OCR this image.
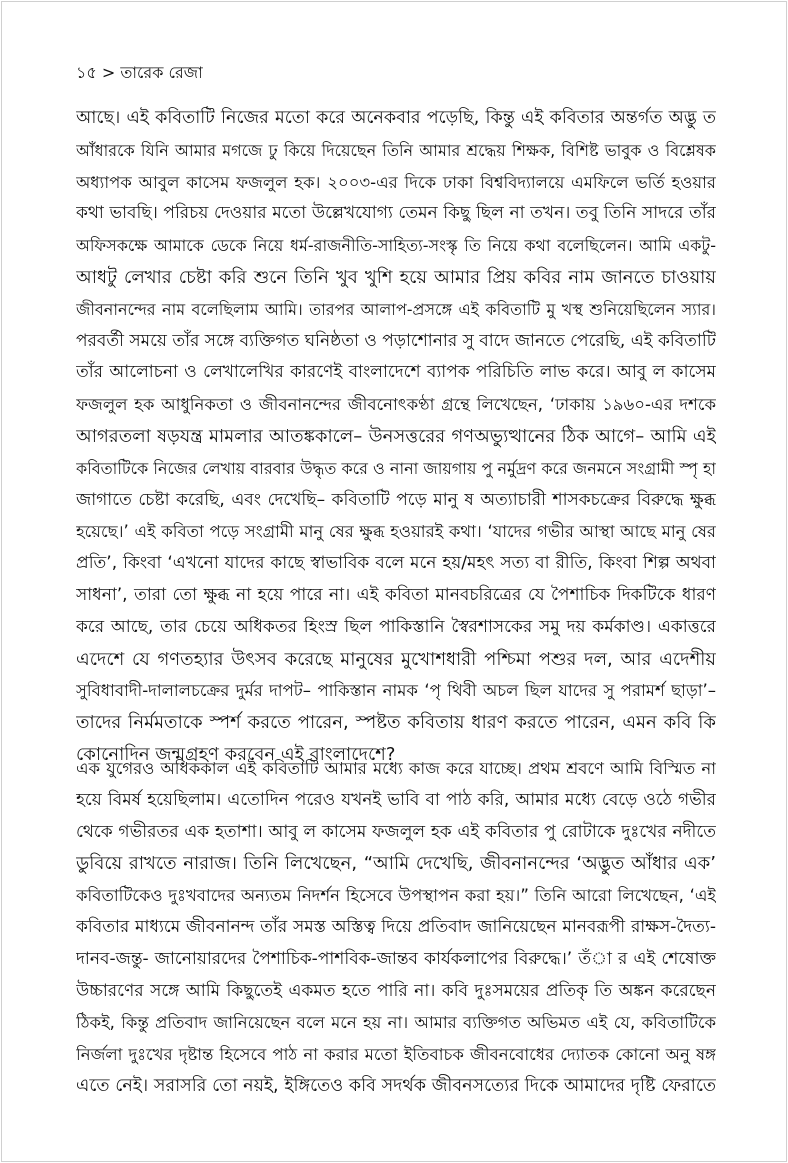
১৫ > তারেক রেজা

আছে। এই কবিতাটি নিজের মতো করে অনেকবার পড়েছি, কিন্তু এই কবিতার অন্তর্গত অদ্ভু ত
আঁধারকে যিনি আমার মগজে ঢু কিয়ে দিয়েছেন তিনি আমার শ্রদ্ধেয় শিক্ষক, বিশিষ্ট ভাবুক ও বিশ্লেষক
অধ্যাপক আবুল কাসেম ফজলুল হক। ২০০৩-এর দিকে ঢাকা বিশ্ববিদ্যালয়ে এমফিলে ভর্তি হওয়ার
কথা ভাবছি। পরিচয় দেওয়ার মতো উল্লেখযোগ্য তেমন কিছু ছিল না তখন। তবু তিনি সাদরে তাঁর
অফিসকক্ষে আমাকে ডেকে নিয়ে ধর্ম-রাজনীতি-সাহিত্য-সংস্কৃ তি নিয়ে কথা বলেছিলেন। আমি একটু-
আধটু লেখার চেষ্টা করি শুনে তিনি খুব খুশি হয়ে আমার প্রিয় কবির নাম জানতে চাওয়ায়
জীবনানন্দের নাম বলেছিলাম আমি। তারপর আলাপ-প্রসঙ্গে এই কবিতাটি মু খস্থ শুনিয়েছিলেন স্যার।
পরবর্তী সময়ে তাঁর সঙ্গে ব্যক্তিগত ঘনিষ্ঠতা ও পড়াশোনার সু বাদে জানতে পেরেছি, এই কবিতাটি
তাঁর আলোচনা ও লেখালেখির কারণেই বাংলাদেশে ব্যাপক পরিচিতি লাভ করে। আবু ল কাসেম
ফজলুল হক আধুনিকতা ও জীবনানন্দের জীবনোৎকণ্ঠা গ্রন্থে লিখেছেন, ‘ঢাকায় ১৯৬০-এর দশকে
আগরতলা ষড়যন্ত্র মামলার আতঙ্ককালে– উনসত্তরের গণঅভ্যুত্থানের ঠিক আগে– আমি এই
কবিতাটিকে নিজের লেখায় বারবার উদ্ধৃত করে ও নানা জায়গায় পু নর্মুদ্রণ করে জনমনে সংগ্রামী স্পৃ হা
জাগাতে চেষ্টা করেছি, এবং দেখেছি– কবিতাটি পড়ে মানু ষ অত্যাচারী শাসকচক্রের বিরুদ্ধে ক্ষুব্ধ
হয়েছে।’ এই কবিতা পড়ে সংগ্রামী মানু ষের ক্ষুব্ধ হওয়ারই কথা। ‘যাদের গভীর আস্থা আছে মানু ষের
প্রতি’, কিংবা ‘এখনো যাদের কাছে স্বাভাবিক বলে মনে হয়/মহৎ সত্য বা রীতি, কিংবা শিল্প অথবা
সাধনা’, তারা তো ক্ষুব্ধ না হয়ে পারে না। এই কবিতা মানবচরিত্রের যে পৈশাচিক দিকটিকে ধারণ
করে আছে, তার চেয়ে অধিকতর হিংস্র ছিল পাকিস্তানি স্বৈরশাসকের সমু দয় কর্মকাণ্ড। একাত্তরে
এদেশে যে গণতহ্যার উৎসব করেছে মানুষের মুখোশধারী পশ্চিমা পশুর দল, আর এদেশীয়
সুবিধাবাদী-দালালচক্রের দুর্মর দাপট– পাকিস্তান নামক ‘পৃ থিবী অচল ছিল যাদের সু পরামর্শ ছাড়া’–
তাদের নির্মমতাকে স্পর্শ করতে পারেন, স্পষ্টত কবিতায় ধারণ করতে পারেন, এমন কবি কি
কোনোদিন জন্মগ্রহণ করবেন এই বাংলাদেশে?
এক যুগেরও অধিককাল এই কবিতাটি আমার মধ্যে কাজ করে যাচ্ছে। প্রথম শ্রবণে আমি বিস্মিত না
হয়ে বিমর্ষ হয়েছিলাম। এতোদিন পরেও যখনই ভাবি বা পাঠ করি, আমার মধ্যে বেড়ে ওঠে গভীর
থেকে গভীরতর এক হতাশা। আবু ল কাসেম ফজলুল হক এই কবিতার পু রোটাকে দুঃখের নদীতে
ডুবিয়ে রাখতে নারাজ। তিনি লিখেছেন, “আমি দেখেছি, জীবনানন্দের ‘অদ্ভুত আঁধার এক’
কবিতাটিকেও দুঃখবাদের অন্যতম নিদর্শন হিসেবে উপস্থাপন করা হয়।” তিনি আরো লিখেছেন, ‘এই
কবিতার মাধ্যমে জীবনানন্দ তাঁর সমস্ত অস্তিত্ব দিয়ে প্রতিবাদ জানিয়েছেন মানবরূপী রাক্ষস-দৈত্য-
দানব-জন্তু- জানোয়ারদের পৈশাচিক-পাশবিক-জান্তব কার্যকলাপের বিরুদ্ধে।’ তঁা র এই শেষোক্ত
উচ্চারণের সঙ্গে আমি কিছুতেই একমত হতে পারি না। কবি দুঃসময়ের প্রতিকৃ তি অঙ্কন করেছেন
ঠিকই, কিন্তু প্রতিবাদ জানিয়েছেন বলে মনে হয় না। আমার ব্যক্তিগত অভিমত এই যে, কবিতাটিকে
নির্জলা দুঃখের দৃষ্টান্ত হিসেবে পাঠ না করার মতো ইতিবাচক জীবনবোধের দ্যোতক কোনো অনু ষঙ্গ
এতে নেই। সরাসরি তো নয়ই, ইঙ্গিতেও কবি সদর্থক জীবনসত্যের দিকে আমাদের দৃষ্টি ফেরাতে
